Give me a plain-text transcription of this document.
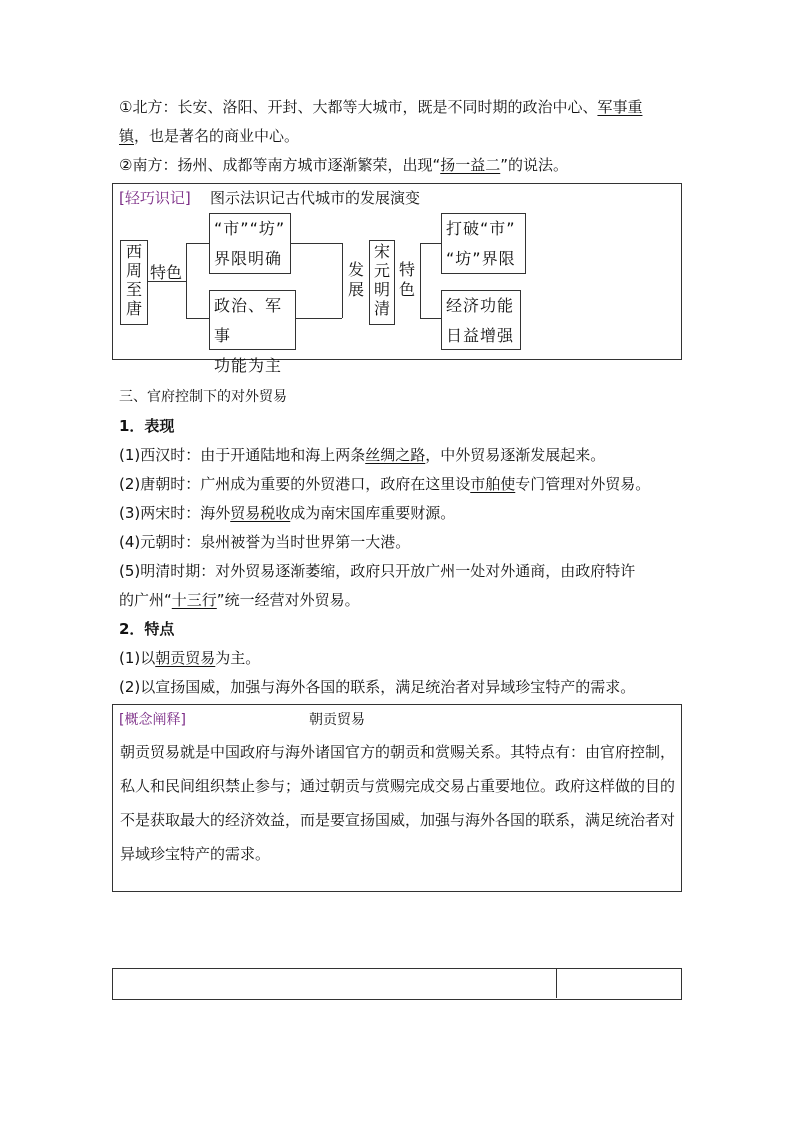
①北方：长安、洛阳、开封、大都等大城市，既是不同时期的政治中心、军事重
镇，也是著名的商业中心。
②南方：扬州、成都等南方城市逐渐繁荣，出现“扬一益二”的说法。
[轻巧识记] 图示法识记古代城市的发展演变
西
周
至
唐
特色
“市”“坊”
界限明确
政治、军事
功能为主
发
展
宋
元
明
清
特
色
打破“市”
“坊”界限
经济功能
日益增强
三、官府控制下的对外贸易
1．表现
(1)西汉时：由于开通陆地和海上两条丝绸之路，中外贸易逐渐发展起来。
(2)唐朝时：广州成为重要的外贸港口，政府在这里设市舶使专门管理对外贸易。
(3)两宋时：海外贸易税收成为南宋国库重要财源。
(4)元朝时：泉州被誉为当时世界第一大港。
(5)明清时期：对外贸易逐渐萎缩，政府只开放广州一处对外通商，由政府特许
的广州“十三行”统一经营对外贸易。
2．特点
(1)以朝贡贸易为主。
(2)以宣扬国威，加强与海外各国的联系，满足统治者对异域珍宝特产的需求。
[概念阐释]	朝贡贸易
朝贡贸易就是中国政府与海外诸国官方的朝贡和赏赐关系。其特点有：由官府控制，私人和民间组织禁止参与；通过朝贡与赏赐完成交易占重要地位。政府这样做的目的不是获取最大的经济效益，而是要宣扬国威，加强与海外各国的联系，满足统治者对异域珍宝特产的需求。
